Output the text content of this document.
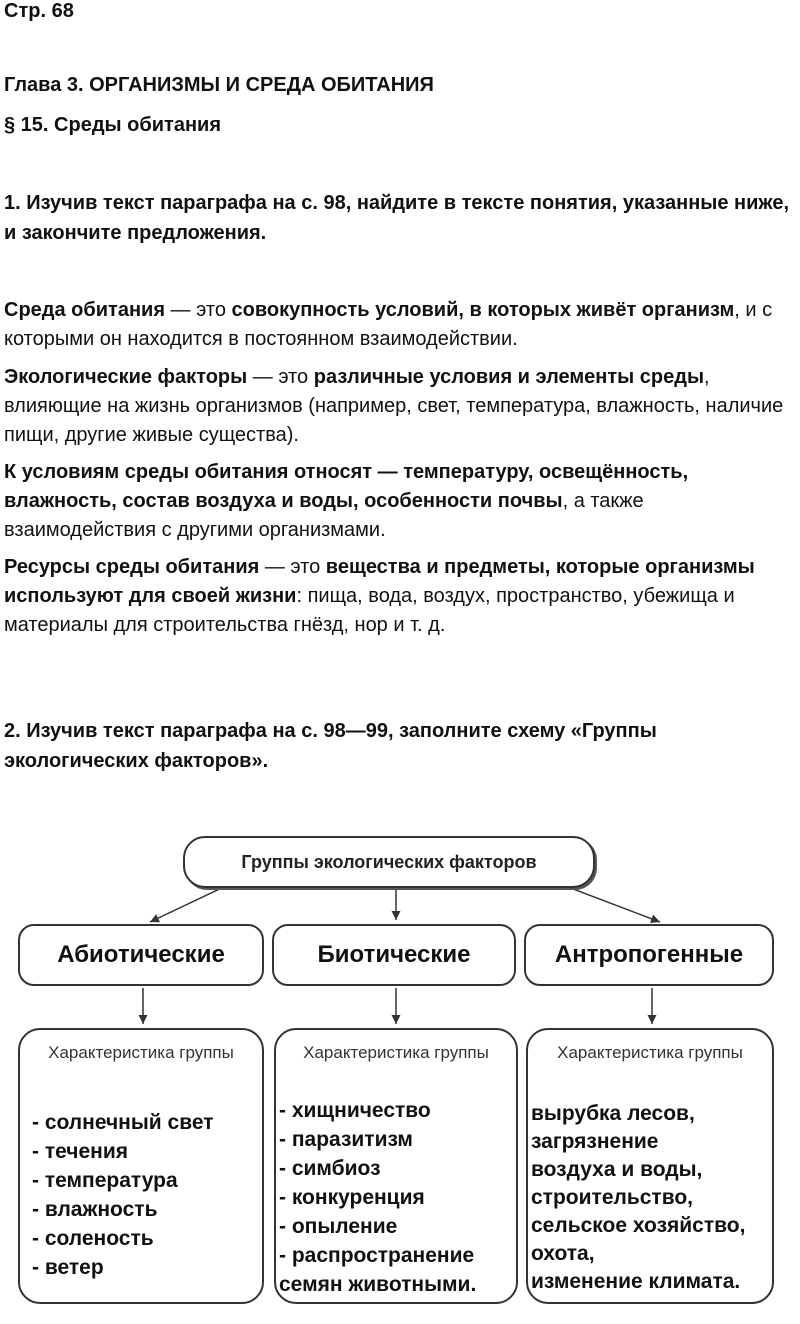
Стр. 68
Глава 3. ОРГАНИЗМЫ И СРЕДА ОБИТАНИЯ
§ 15. Среды обитания
1. Изучив текст параграфа на с. 98, найдите в тексте понятия, указанные ниже, и закончите предложения.
Среда обитания — это совокупность условий, в которых живёт организм, и с которыми он находится в постоянном взаимодействии.
Экологические факторы — это различные условия и элементы среды, влияющие на жизнь организмов (например, свет, температура, влажность, наличие пищи, другие живые существа).
К условиям среды обитания относят — температуру, освещённость, влажность, состав воздуха и воды, особенности почвы, а также взаимодействия с другими организмами.
Ресурсы среды обитания — это вещества и предметы, которые организмы используют для своей жизни: пища, вода, воздух, пространство, убежища и материалы для строительства гнёзд, нор и т. д.
2. Изучив текст параграфа на с. 98—99, заполните схему «Группы экологических факторов».
Группы экологических факторов
Абиотические	Биотические	Антропогенные
Характеристика группы
- солнечный свет
- течения
- температура
- влажность
- соленость
- ветер
Характеристика группы
- хищничество
- паразитизм
- симбиоз
- конкуренция
- опыление
- распространение
семян животными.
Характеристика группы
вырубка лесов,
загрязнение
воздуха и воды,
строительство,
сельское хозяйство,
охота,
изменение климата.
